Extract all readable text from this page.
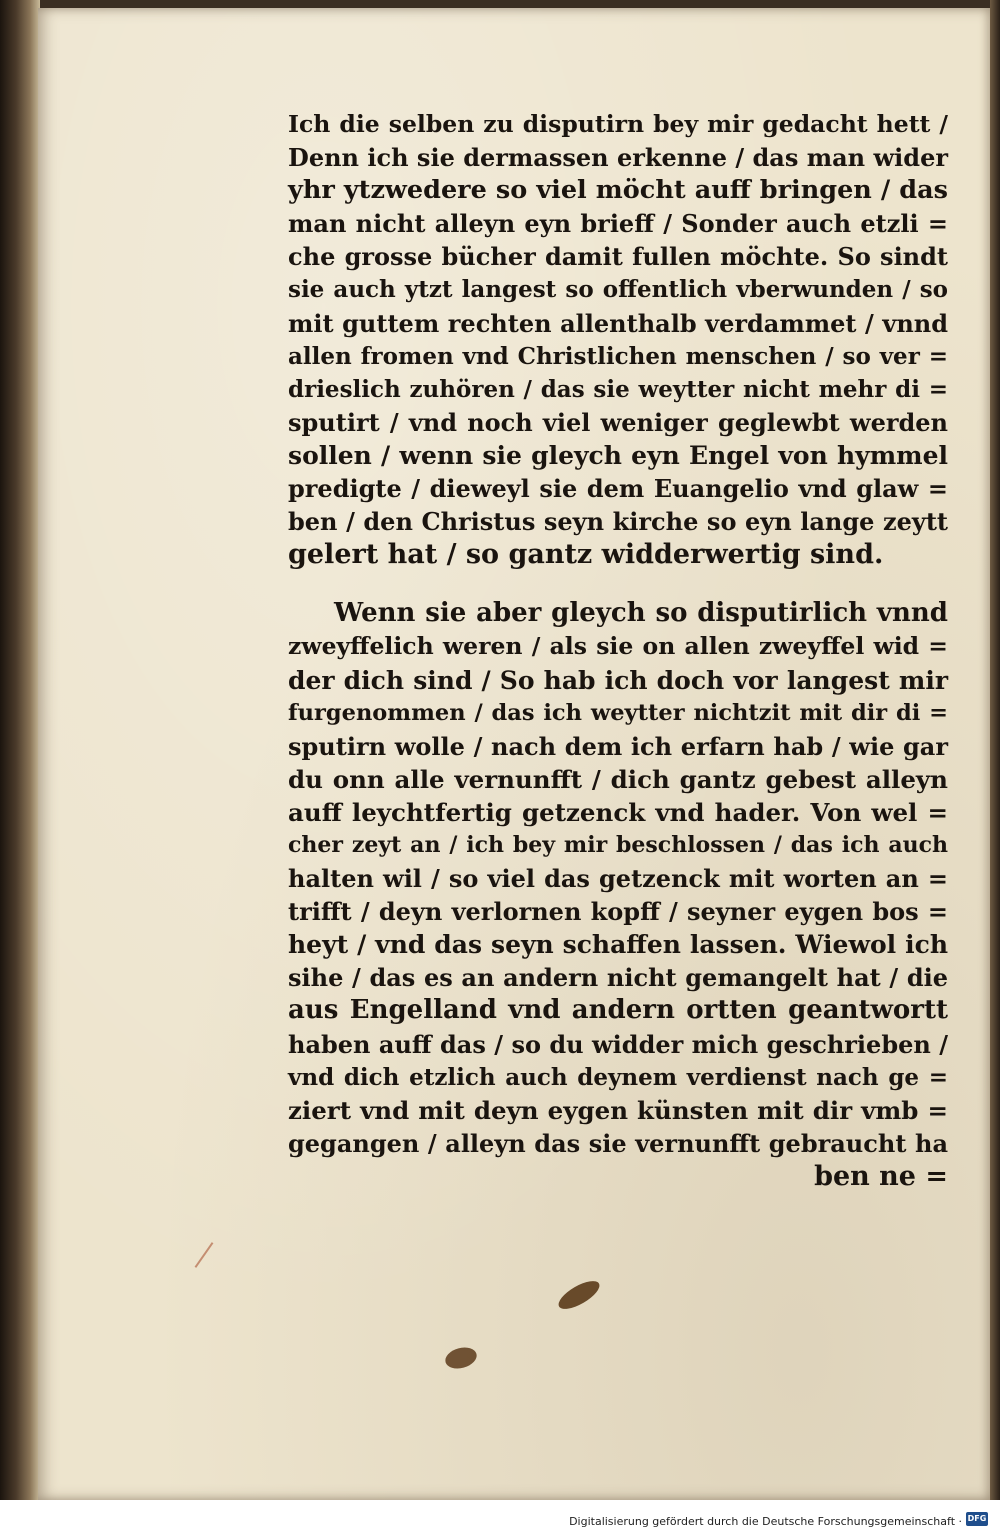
Ich die selben zu disputirn bey mir gedacht hett /
Denn ich sie dermassen erkenne / das man wider
yhr ytzwedere so viel möcht auff bringen / das
man nicht alleyn eyn brieff / Sonder auch etzli =
che grosse bücher damit fullen möchte. So sindt
sie auch ytzt langest so offentlich vberwunden / so
mit guttem rechten allenthalb verdammet / vnnd
allen fromen vnd Christlichen menschen / so ver =
drieslich zuhören / das sie weytter nicht mehr di =
sputirt / vnd noch viel weniger geglewbt werden
sollen / wenn sie gleych eyn Engel von hymmel
predigte / dieweyl sie dem Euangelio vnd glaw =
ben / den Christus seyn kirche so eyn lange zeytt
gelert hat / so gantz widderwertig sind.
Wenn sie aber gleych so disputirlich vnnd
zweyffelich weren / als sie on allen zweyffel wid =
der dich sind / So hab ich doch vor langest mir
furgenommen / das ich weytter nichtzit mit dir di =
sputirn wolle / nach dem ich erfarn hab / wie gar
du onn alle vernunfft / dich gantz gebest alleyn
auff leychtfertig getzenck vnd hader. Von wel =
cher zeyt an / ich bey mir beschlossen / das ich auch
halten wil / so viel das getzenck mit worten an =
trifft / deyn verlornen kopff / seyner eygen bos =
heyt / vnd das seyn schaffen lassen. Wiewol ich
sihe / das es an andern nicht gemangelt hat / die
aus Engelland vnd andern ortten geantwortt
haben auff das / so du widder mich geschrieben /
vnd dich etzlich auch deynem verdienst nach ge =
ziert vnd mit deyn eygen künsten mit dir vmb =
gegangen / alleyn das sie vernunfft gebraucht ha
ben ne =
Digitalisierung gefördert durch die Deutsche Forschungsgemeinschaft · DFG
